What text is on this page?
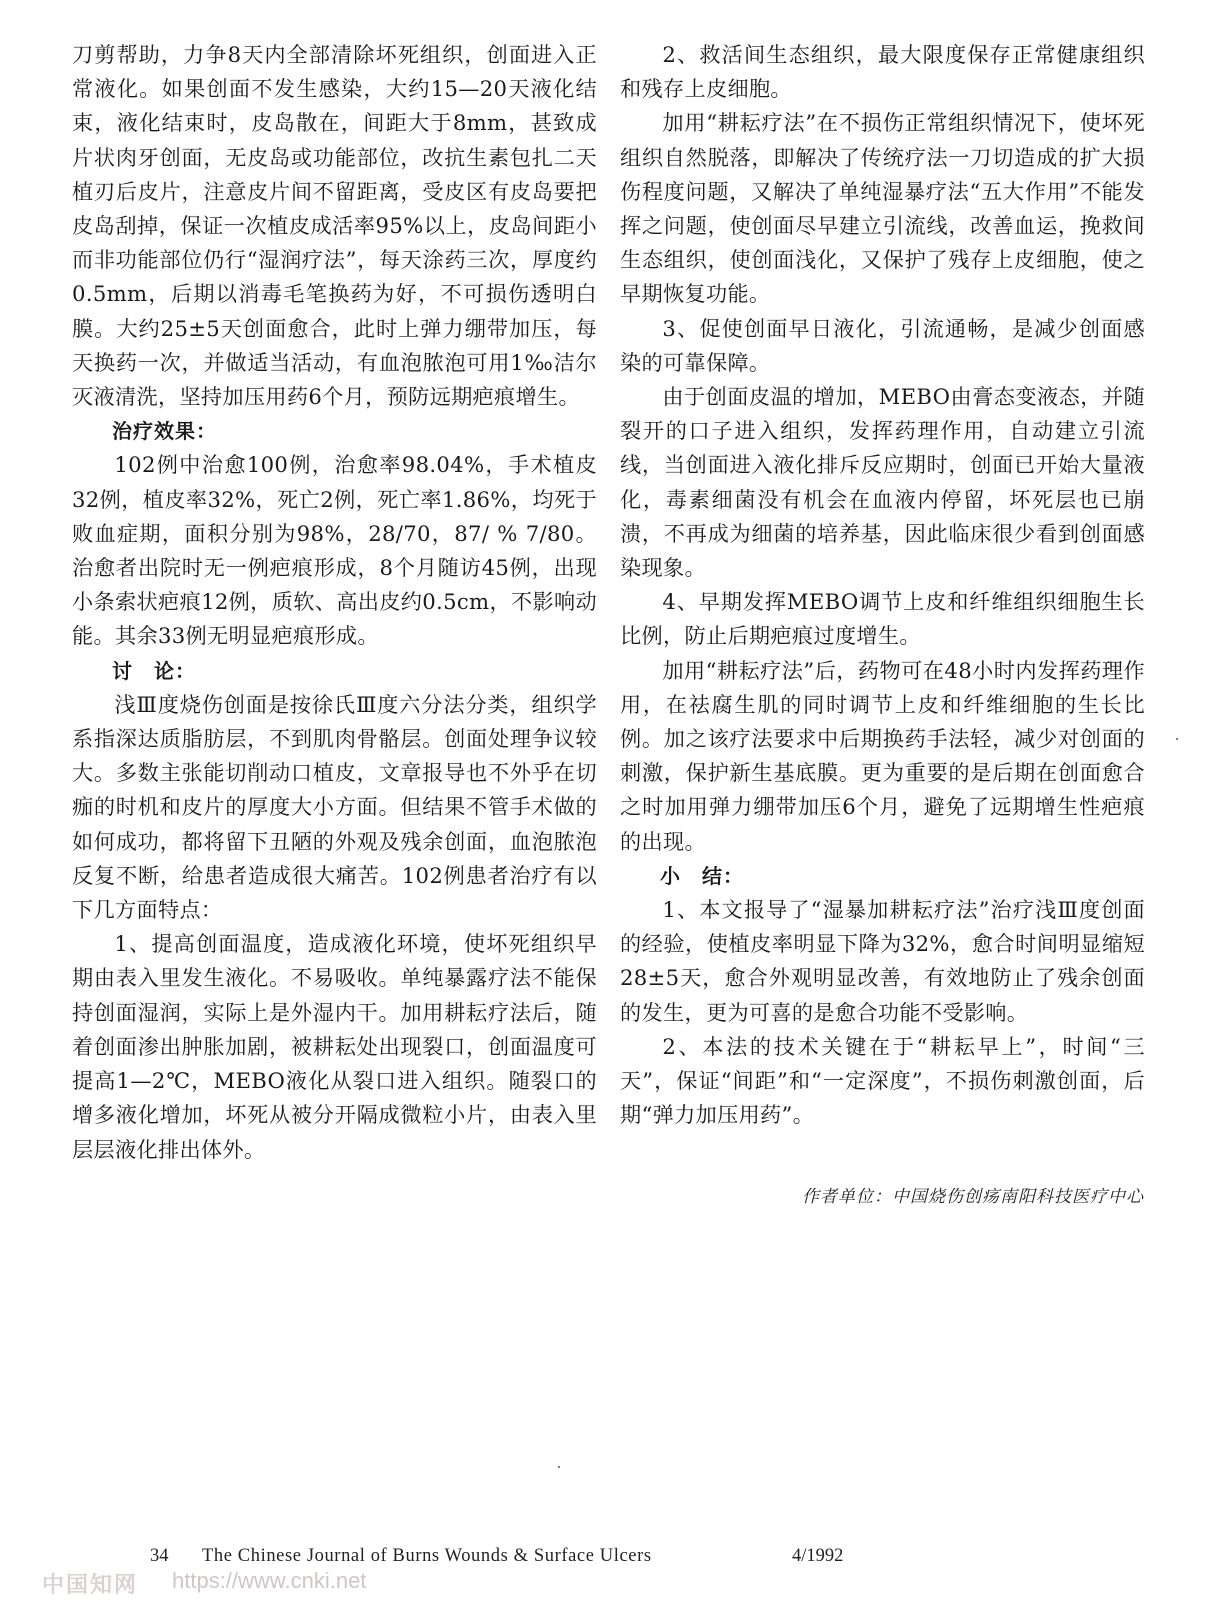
刀剪帮助，力争8天内全部清除坏死组织，创面进入正常液化。如果创面不发生感染，大约15—20天液化结束，液化结束时，皮岛散在，间距大于8mm，甚致成片状肉牙创面，无皮岛或功能部位，改抗生素包扎二天植刃后皮片，注意皮片间不留距离，受皮区有皮岛要把皮岛刮掉，保证一次植皮成活率95%以上，皮岛间距小而非功能部位仍行“湿润疗法”，每天涂药三次，厚度约0.5mm，后期以消毒毛笔换药为好，不可损伤透明白膜。大约25±5天创面愈合，此时上弹力绷带加压，每天换药一次，并做适当活动，有血泡脓泡可用1‰洁尔灭液清洗，坚持加压用药6个月，预防远期疤痕增生。

治疗效果：

102例中治愈100例，治愈率98.04%，手术植皮32例，植皮率32%，死亡2例，死亡率1.86%，均死于败血症期，面积分别为98%，28/70，87/ % 7/80。治愈者出院时无一例疤痕形成，8个月随访45例，出现小条索状疤痕12例，质软、高出皮约0.5cm，不影响动能。其余33例无明显疤痕形成。

讨　论：

浅Ⅲ度烧伤创面是按徐氏Ⅲ度六分法分类，组织学系指深达质脂肪层，不到肌肉骨骼层。创面处理争议较大。多数主张能切削动口植皮，文章报导也不外乎在切痂的时机和皮片的厚度大小方面。但结果不管手术做的如何成功，都将留下丑陋的外观及残余创面，血泡脓泡反复不断，给患者造成很大痛苦。102例患者治疗有以下几方面特点：

1、提高创面温度，造成液化环境，使坏死组织早期由表入里发生液化。不易吸收。单纯暴露疗法不能保持创面湿润，实际上是外湿内干。加用耕耘疗法后，随着创面渗出肿胀加剧，被耕耘处出现裂口，创面温度可提高1—2℃，MEBO液化从裂口进入组织。随裂口的增多液化增加，坏死从被分开隔成微粒小片，由表入里层层液化排出体外。

2、救活间生态组织，最大限度保存正常健康组织和残存上皮细胞。

加用“耕耘疗法”在不损伤正常组织情况下，使坏死组织自然脱落，即解决了传统疗法一刀切造成的扩大损伤程度问题，又解决了单纯湿暴疗法“五大作用”不能发挥之问题，使创面尽早建立引流线，改善血运，挽救间生态组织，使创面浅化，又保护了残存上皮细胞，使之早期恢复功能。

3、促使创面早日液化，引流通畅，是减少创面感染的可靠保障。

由于创面皮温的增加，MEBO由膏态变液态，并随裂开的口子进入组织，发挥药理作用，自动建立引流线，当创面进入液化排斥反应期时，创面已开始大量液化，毒素细菌没有机会在血液内停留，坏死层也已崩溃，不再成为细菌的培养基，因此临床很少看到创面感染现象。

4、早期发挥MEBO调节上皮和纤维组织细胞生长比例，防止后期疤痕过度增生。

加用“耕耘疗法”后，药物可在48小时内发挥药理作用，在祛腐生肌的同时调节上皮和纤维细胞的生长比例。加之该疗法要求中后期换药手法轻，减少对创面的刺激，保护新生基底膜。更为重要的是后期在创面愈合之时加用弹力绷带加压6个月，避免了远期增生性疤痕的出现。

小　结：

1、本文报导了“湿暴加耕耘疗法”治疗浅Ⅲ度创面的经验，使植皮率明显下降为32%，愈合时间明显缩短28±5天，愈合外观明显改善，有效地防止了残余创面的发生，更为可喜的是愈合功能不受影响。

2、本法的技术关键在于“耕耘早上”，时间“三天”，保证“间距”和“一定深度”，不损伤刺激创面，后期“弹力加压用药”。

作者单位：中国烧伤创疡南阳科技医疗中心
34 The Chinese Journal of Burns Wounds & Surface Ulcers	4/1992
中国知网 https://www.cnki.net
